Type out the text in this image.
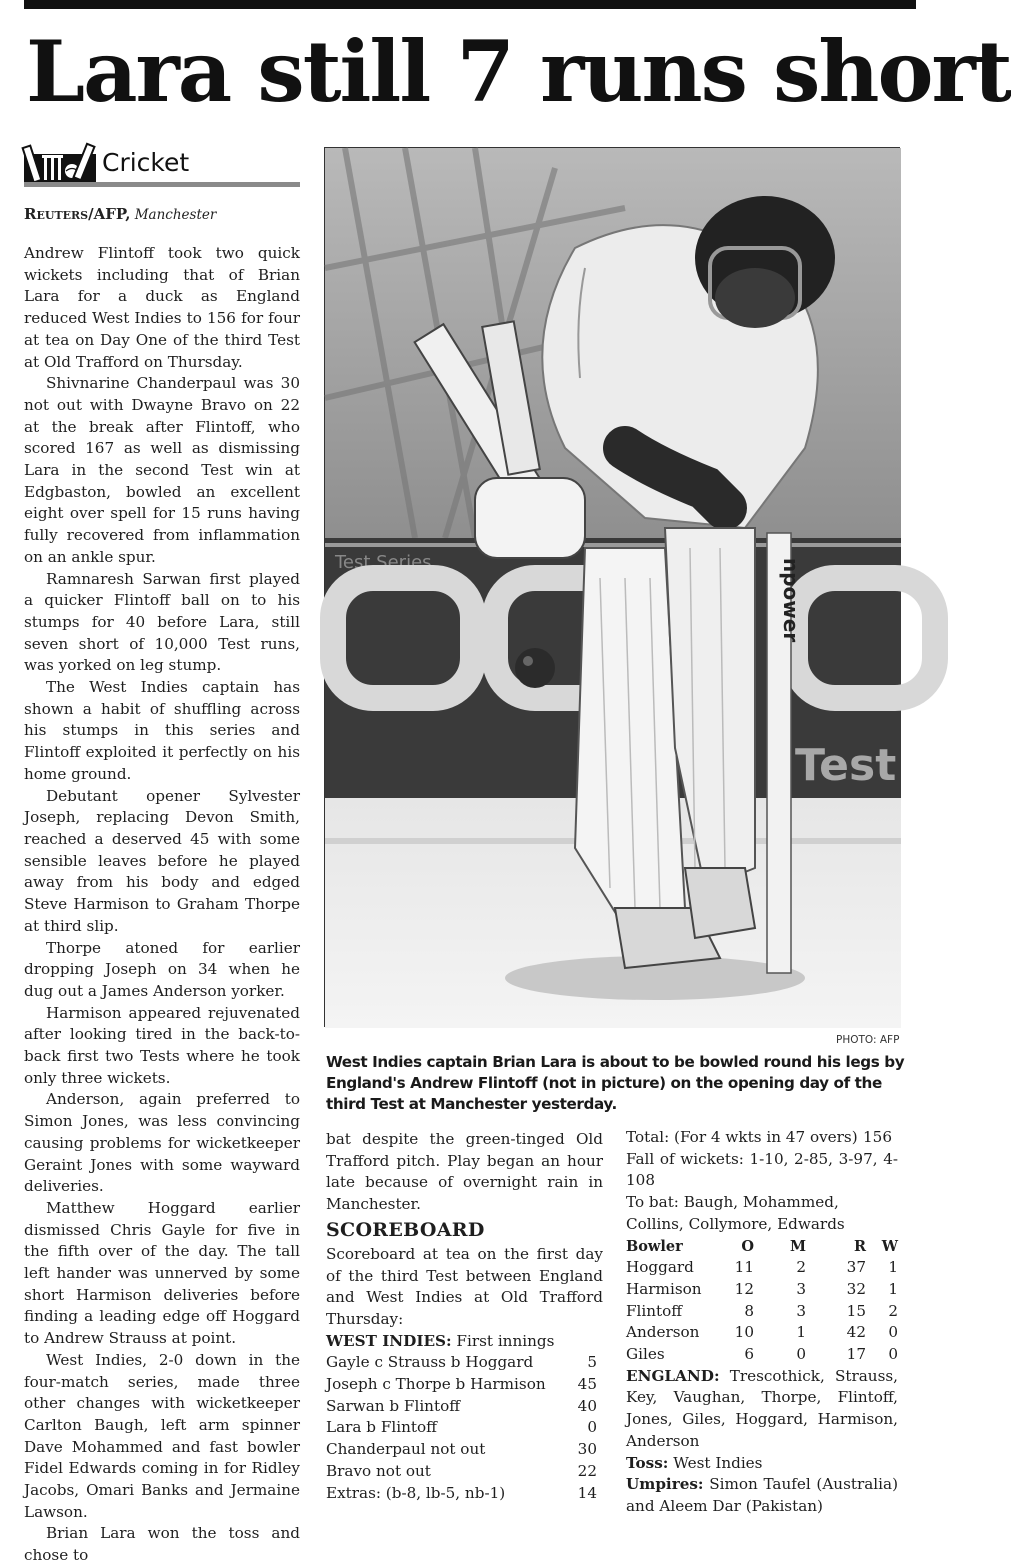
Lara still 7 runs short
Cricket
Reuters/AFP, Manchester

Andrew Flintoff took two quick wickets including that of Brian Lara for a duck as England reduced West Indies to 156 for four at tea on Day One of the third Test at Old Trafford on Thursday.

Shivnarine Chanderpaul was 30 not out with Dwayne Bravo on 22 at the break after Flintoff, who scored 167 as well as dismissing Lara in the second Test win at Edgbaston, bowled an excellent eight over spell for 15 runs having fully recovered from inflammation on an ankle spur.

Ramnaresh Sarwan first played a quicker Flintoff ball on to his stumps for 40 before Lara, still seven short of 10,000 Test runs, was yorked on leg stump.

The West Indies captain has shown a habit of shuffling across his stumps in this series and Flintoff exploited it perfectly on his home ground.

Debutant opener Sylvester Joseph, replacing Devon Smith, reached a deserved 45 with some sensible leaves before he played away from his body and edged Steve Harmison to Graham Thorpe at third slip.

Thorpe atoned for earlier dropping Joseph on 34 when he dug out a James Anderson yorker.

Harmison appeared rejuvenated after looking tired in the back-to-back first two Tests where he took only three wickets.

Anderson, again preferred to Simon Jones, was less convincing causing problems for wicketkeeper Geraint Jones with some wayward deliveries.

Matthew Hoggard earlier dismissed Chris Gayle for five in the fifth over of the day. The tall left hander was unnerved by some short Harmison deliveries before finding a leading edge off Hoggard to Andrew Strauss at point.

West Indies, 2-0 down in the four-match series, made three other changes with wicketkeeper Carlton Baugh, left arm spinner Dave Mohammed and fast bowler Fidel Edwards coming in for Ridley Jacobs, Omari Banks and Jermaine Lawson.

Brian Lara won the toss and chose to

Test Series
Test
npower
PHOTO: AFP
West Indies captain Brian Lara is about to be bowled round his legs by England's Andrew Flintoff (not in picture) on the opening day of the third Test at Manchester yesterday.

bat despite the green-tinged Old Trafford pitch. Play began an hour late because of overnight rain in Manchester.

SCOREBOARD

Scoreboard at tea on the first day of the third Test between England and West Indies at Old Trafford Thursday:

WEST INDIES: First innings
Gayle c Strauss b Hoggard	5
Joseph c Thorpe b Harmison 45
Sarwan b Flintoff	40
Lara b Flintoff	0
Chanderpaul not out	30
Bravo not out	22
Extras: (b-8, lb-5, nb-1)	14
Total: (For 4 wkts in 47 overs) 156

Fall of wickets: 1-10, 2-85, 3-97, 4-108

To bat: Baugh, Mohammed, Collins, Collymore, Edwards

Bowler	O	M	R	W
Hoggard	11	2	37	1
Harmison	12	3	32	1
Flintoff	8	3	15	2
Anderson	10	1	42	0
Giles	6	0	17	0

ENGLAND: Trescothick, Strauss, Key, Vaughan, Thorpe, Flintoff, Jones, Giles, Hoggard, Harmison, Anderson

Toss: West Indies

Umpires: Simon Taufel (Australia) and Aleem Dar (Pakistan)
